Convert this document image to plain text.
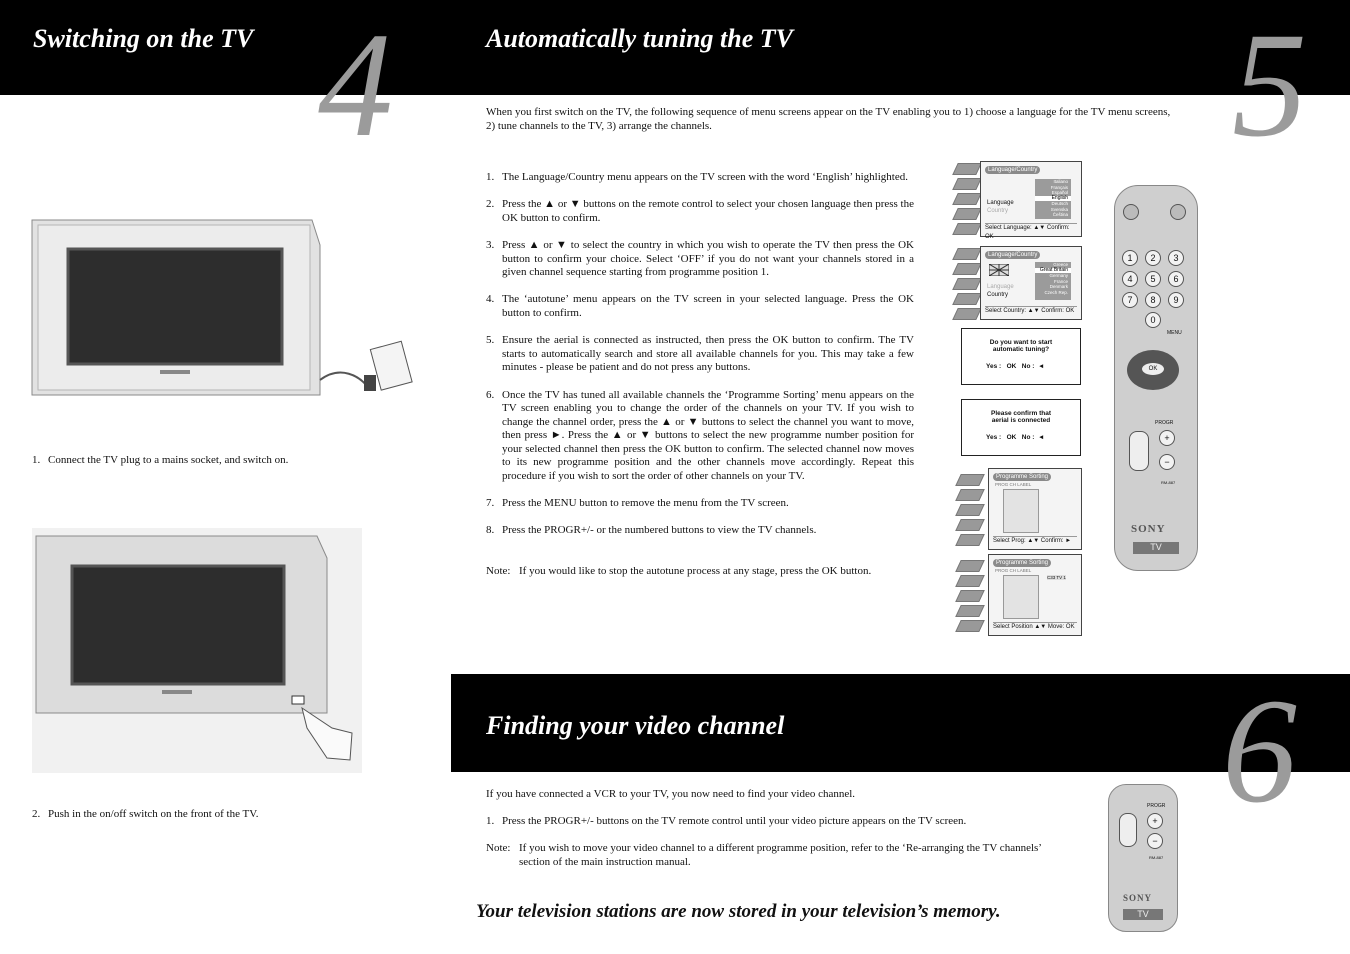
Switching on the TV 4
1. Connect the TV plug to a mains socket, and switch on.
2. Push in the on/off switch on the front of the TV.
Automatically tuning the TV	5

When you first switch on the TV, the following sequence of menu screens appear on the TV enabling you to 1) choose a language for the TV menu screens, 2) tune channels to the TV, 3) arrange the channels.

1. The Language/Country menu appears on the TV screen with the word ‘English’ highlighted.
2. Press the ▲ or ▼ buttons on the remote control to select your chosen language then press the OK button to confirm.
3. Press ▲ or ▼ to select the country in which you wish to operate the TV then press the OK button to confirm your choice. Select ‘OFF’ if you do not want your channels stored in a given channel sequence starting from programme position 1.
4. The ‘autotune’ menu appears on the TV screen in your selected language. Press the OK button to confirm.
5. Ensure the aerial is connected as instructed, then press the OK button to confirm. The TV starts to automatically search and store all available channels for you. This may take a few minutes - please be patient and do not press any buttons.
6. Once the TV has tuned all available channels the ‘Programme Sorting’ menu appears on the TV screen enabling you to change the order of the channels on your TV. If you wish to change the channel order, press the ▲ or ▼ buttons to select the channel you want to move, then press ►. Press the ▲ or ▼ buttons to select the new programme number position for your selected channel then press the OK button to confirm. The selected channel now moves to its new programme position and the other channels move accordingly. Repeat this procedure if you wish to sort the order of other channels on your TV.
7. Press the MENU button to remove the menu from the TV screen.
8. Press the PROGR+/- or the numbered buttons to view the TV channels.
Note: If you would like to stop the autotune process at any stage, press the OK button.
Language/Country
Language
Country
Italiano
Français
Español
English
Deutsch
Svenska
Čeština
Select Language: ▲▼ Confirm: OK
Language/Country
Language
Country
Greece
Great Britain
Germany
France
Denmark
Czech Rep.
Select Country: ▲▼ Confirm: OK
Do you want to start
automatic tuning?
Yes : OK No : ◄
Please confirm that
aerial is connected
Yes : OK No : ◄
Programme Sorting
PROG CH LABEL
Select Prog: ▲▼ Confirm: ►
Programme Sorting
PROG CH LABEL
C33 TV 1
Select Position ▲▼ Move: OK
1	2	3
4	5	6
7	8	9
0
MENU
OK
PROGR
+
−
RM-887
SONY
TV
Finding your video channel	6

If you have connected a VCR to your TV, you now need to find your video channel.

1. Press the PROGR+/- buttons on the TV remote control until your video picture appears on the TV screen.
Note: If you wish to move your video channel to a different programme position, refer to the ‘Re-arranging the TV channels’ section of the main instruction manual.
PROGR
+
−
RM-887
SONY
TV
Your television stations are now stored in your television’s memory.
